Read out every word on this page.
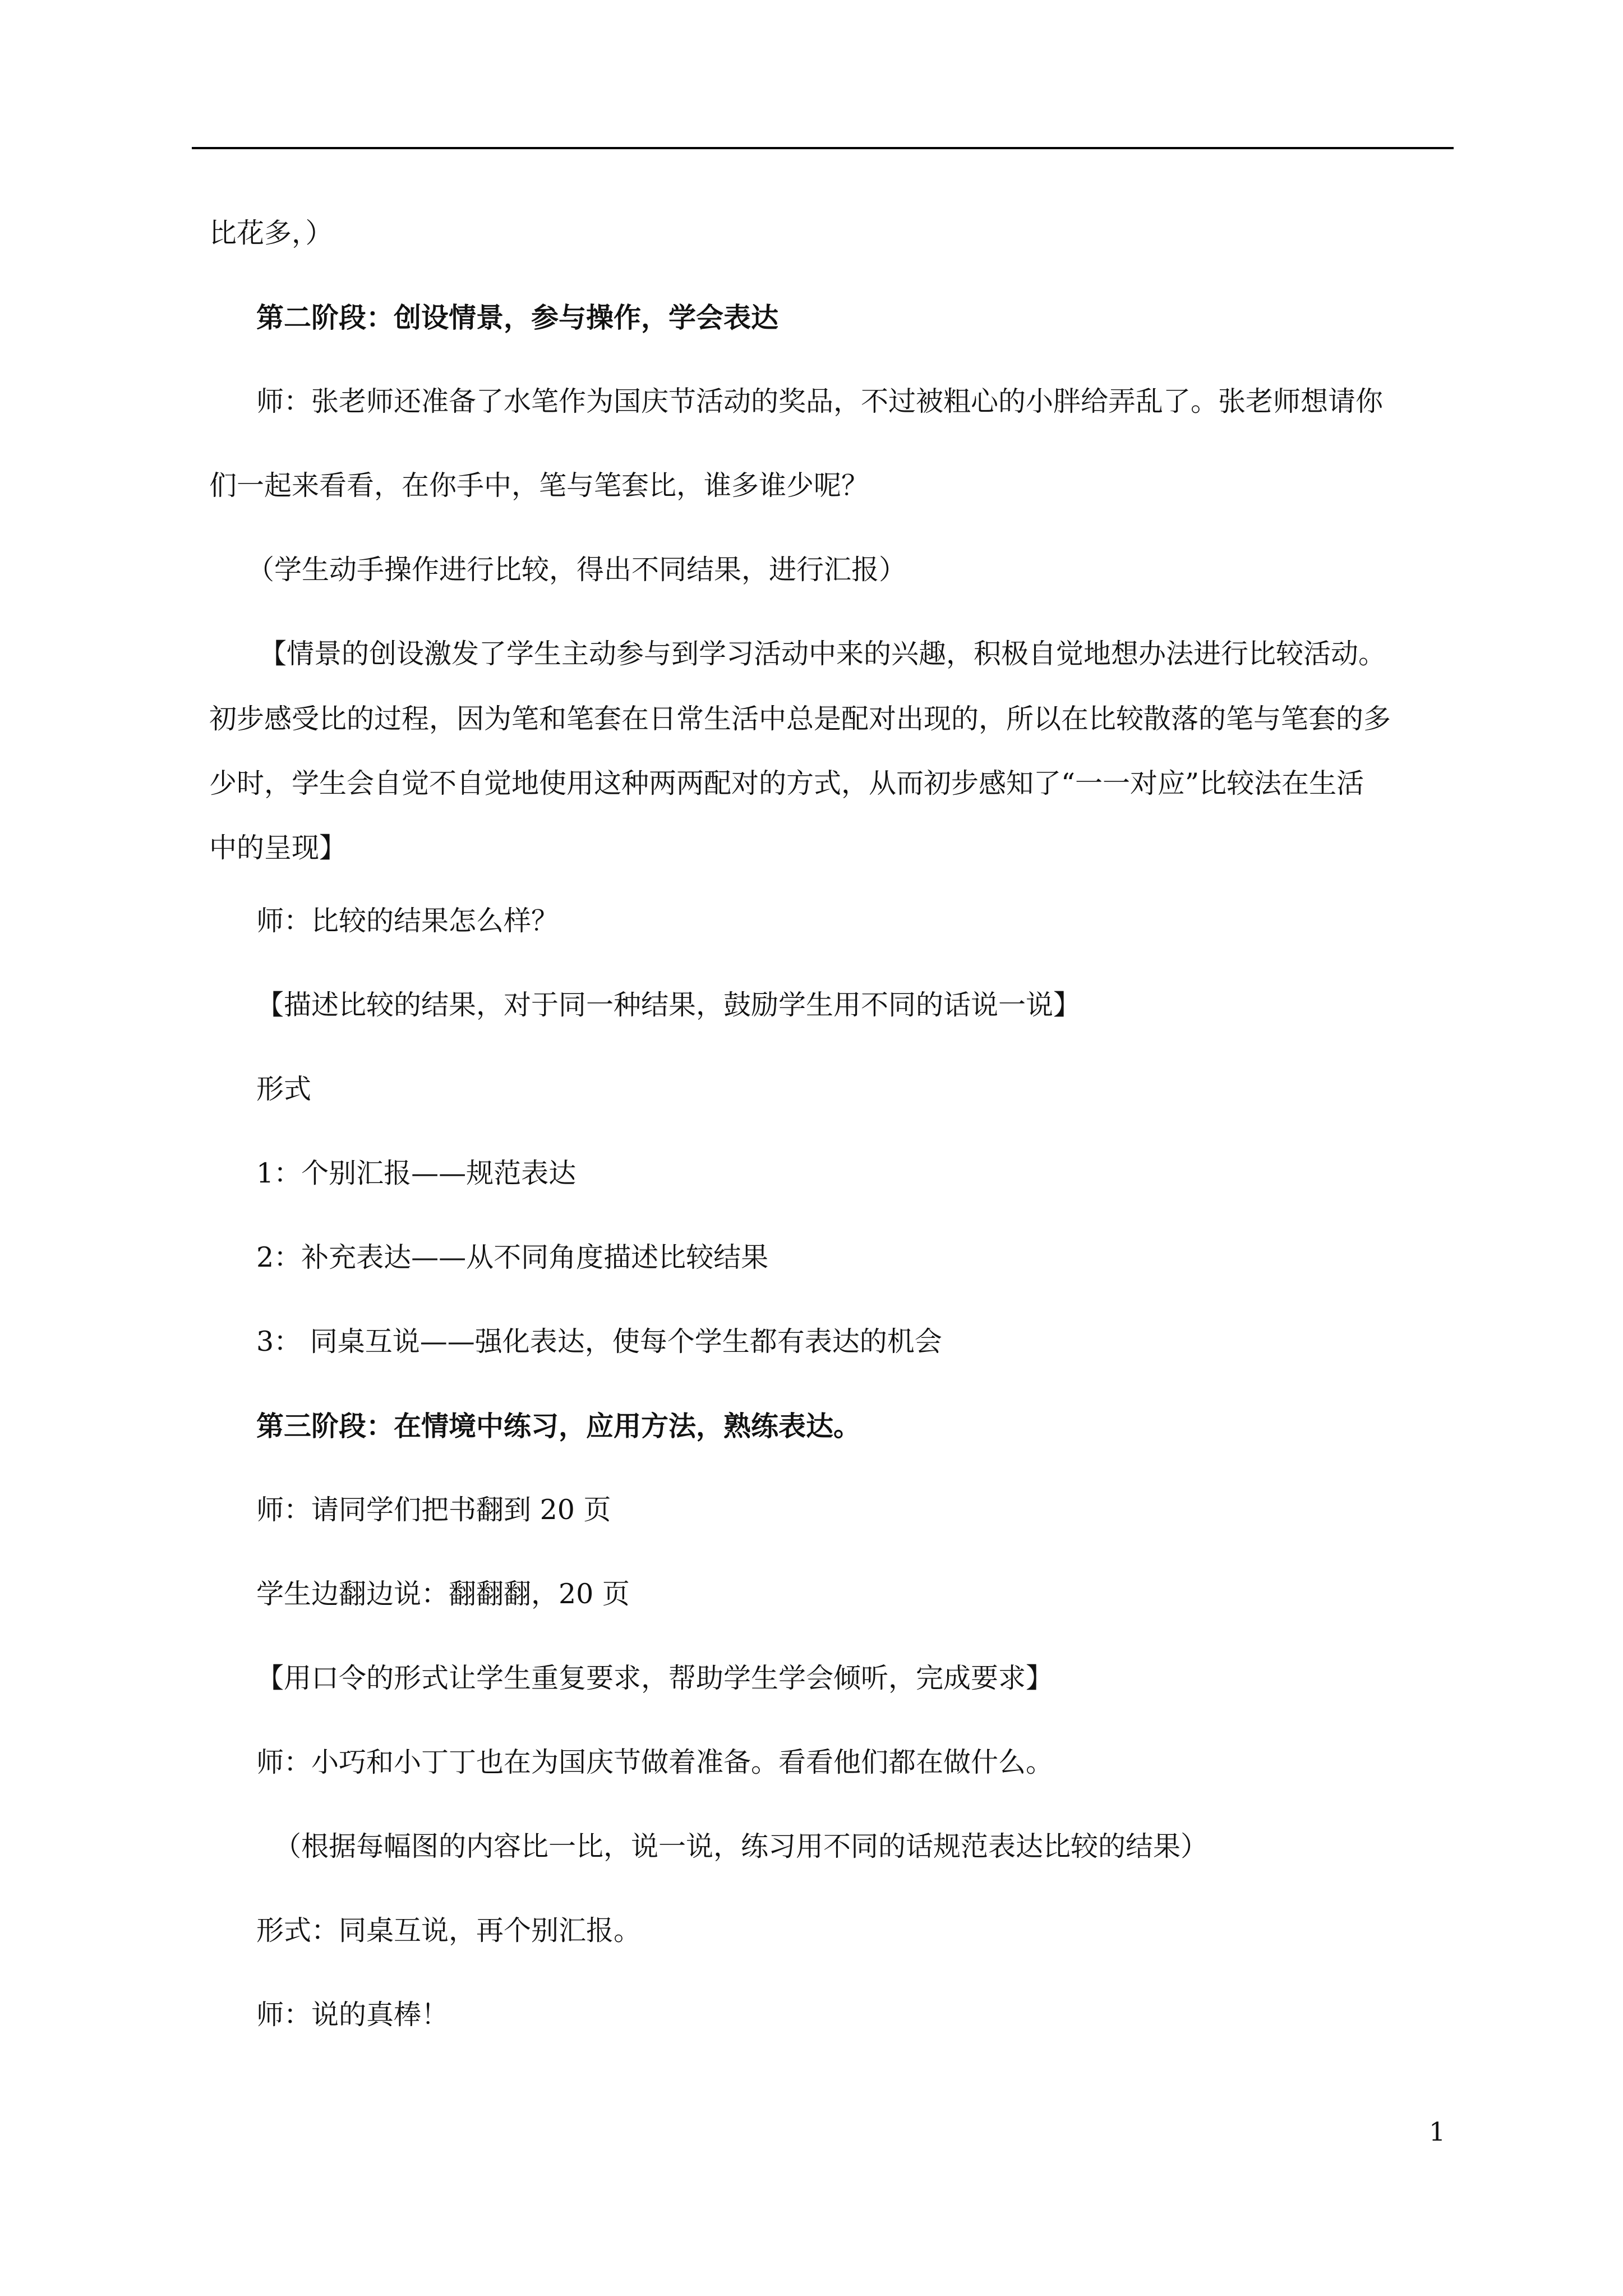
比花多，）
第二阶段：创设情景，参与操作，学会表达
师：张老师还准备了水笔作为国庆节活动的奖品，不过被粗心的小胖给弄乱了。张老师想请你
们一起来看看，在你手中，笔与笔套比，谁多谁少呢？
（学生动手操作进行比较，得出不同结果，进行汇报）
【情景的创设激发了学生主动参与到学习活动中来的兴趣，积极自觉地想办法进行比较活动。
初步感受比的过程，因为笔和笔套在日常生活中总是配对出现的，所以在比较散落的笔与笔套的多
少时，学生会自觉不自觉地使用这种两两配对的方式，从而初步感知了“一一对应”比较法在生活
中的呈现】
师：比较的结果怎么样？
【描述比较的结果，对于同一种结果，鼓励学生用不同的话说一说】
形式
1：个别汇报——规范表达
2：补充表达——从不同角度描述比较结果
3： 同桌互说——强化表达，使每个学生都有表达的机会
第三阶段：在情境中练习，应用方法，熟练表达。
师：请同学们把书翻到 20 页
学生边翻边说：翻翻翻，20 页
【用口令的形式让学生重复要求，帮助学生学会倾听，完成要求】
师：小巧和小丁丁也在为国庆节做着准备。看看他们都在做什么。
（根据每幅图的内容比一比，说一说，练习用不同的话规范表达比较的结果）
形式：同桌互说，再个别汇报。
师：说的真棒！
1
